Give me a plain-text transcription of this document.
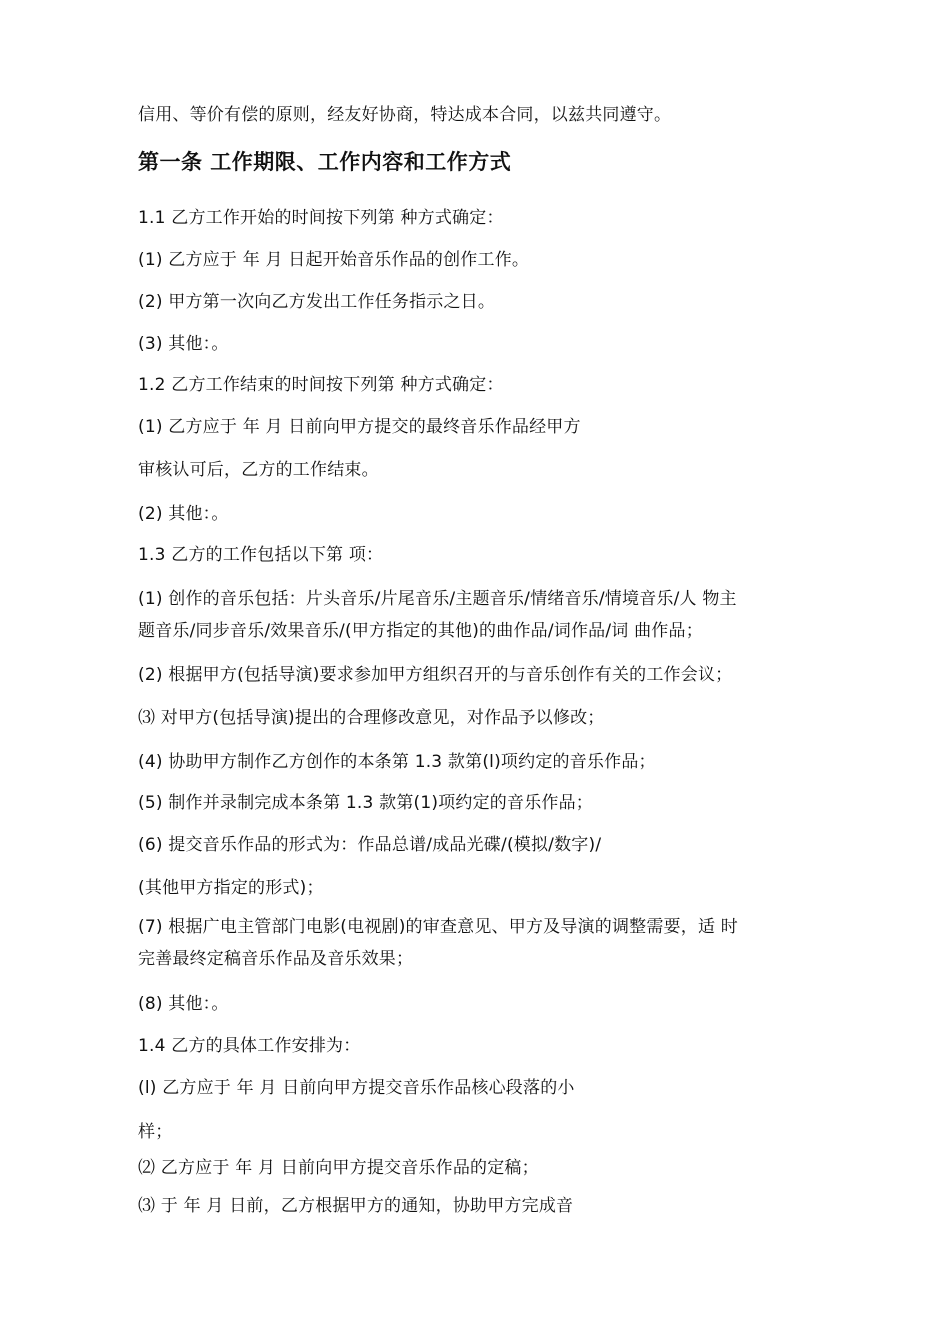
信用、等价有偿的原则，经友好协商，特达成本合同，以兹共同遵守。
第一条 工作期限、工作内容和工作方式
1.1 乙方工作开始的时间按下列第 种方式确定：
(1) 乙方应于 年 月 日起开始音乐作品的创作工作。
(2) 甲方第一次向乙方发出工作任务指示之日。
(3) 其他：。
1.2 乙方工作结束的时间按下列第 种方式确定：
(1) 乙方应于 年 月 日前向甲方提交的最终音乐作品经甲方
审核认可后，乙方的工作结束。
(2) 其他：。
1.3 乙方的工作包括以下第 项：
(1) 创作的音乐包括：片头音乐/片尾音乐/主题音乐/情绪音乐/情境音乐/人 物主
题音乐/同步音乐/效果音乐/(甲方指定的其他)的曲作品/词作品/词 曲作品；
(2) 根据甲方(包括导演)要求参加甲方组织召开的与音乐创作有关的工作会议；
⑶ 对甲方(包括导演)提出的合理修改意见，对作品予以修改；
(4) 协助甲方制作乙方创作的本条第 1.3 款第(l)项约定的音乐作品；
(5) 制作并录制完成本条第 1.3 款第(1)项约定的音乐作品；
(6) 提交音乐作品的形式为：作品总谱/成品光碟/(模拟/数字)/
(其他甲方指定的形式)；
(7) 根据广电主管部门电影(电视剧)的审查意见、甲方及导演的调整需要，适 时
完善最终定稿音乐作品及音乐效果；
(8) 其他：。
1.4 乙方的具体工作安排为：
(l) 乙方应于 年 月 日前向甲方提交音乐作品核心段落的小
样；
⑵ 乙方应于 年 月 日前向甲方提交音乐作品的定稿；
⑶ 于 年 月 日前，乙方根据甲方的通知，协助甲方完成音
